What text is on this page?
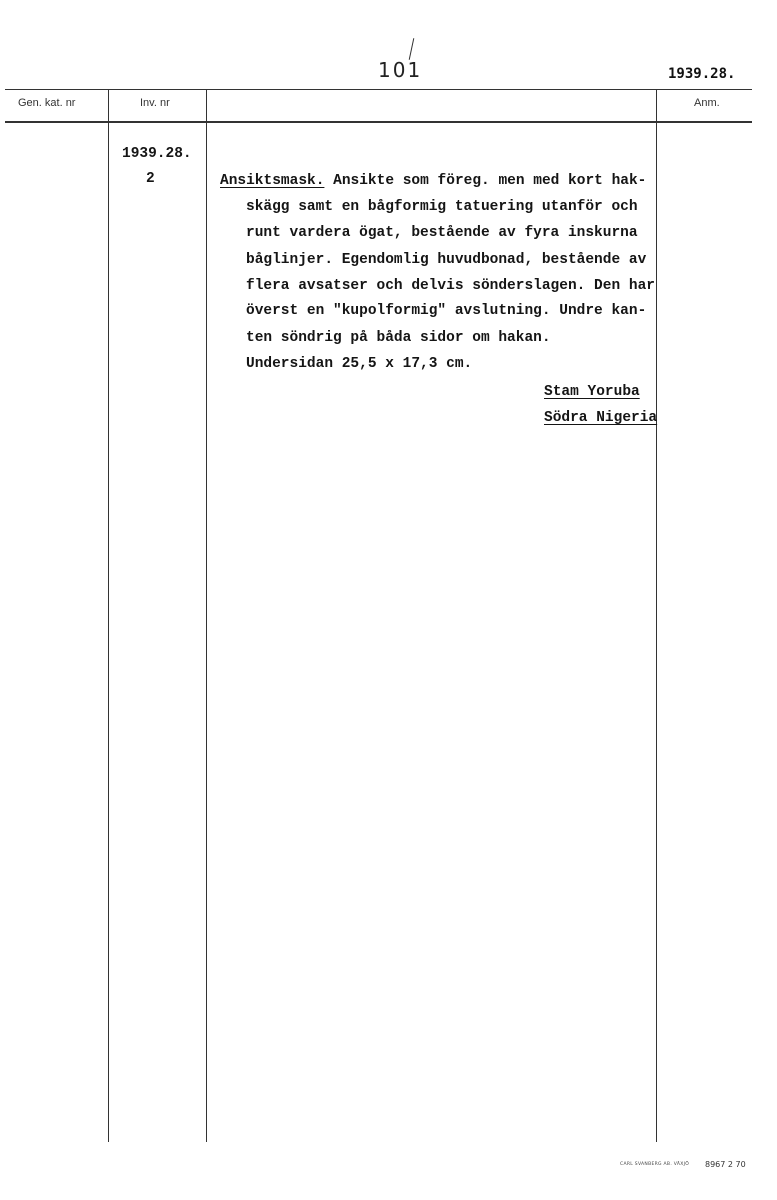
101	1939.28.
Gen. kat. nr	Inv. nr	Anm.
1939.28.
2	Ansiktsmask. Ansikte som föreg. men med kort hak-
skägg samt en bågformig tatuering utanför och
runt vardera ögat, bestående av fyra inskurna
båglinjer. Egendomlig huvudbonad, bestående av
flera avsatser och delvis sönderslagen. Den har
överst en "kupolformig" avslutning. Undre kan-
ten söndrig på båda sidor om hakan.
Undersidan 25,5 x 17,3 cm.
Stam Yoruba
Södra Nigeria
CARL SVANBERG AB. VÄXJÖ 8967 2 70
